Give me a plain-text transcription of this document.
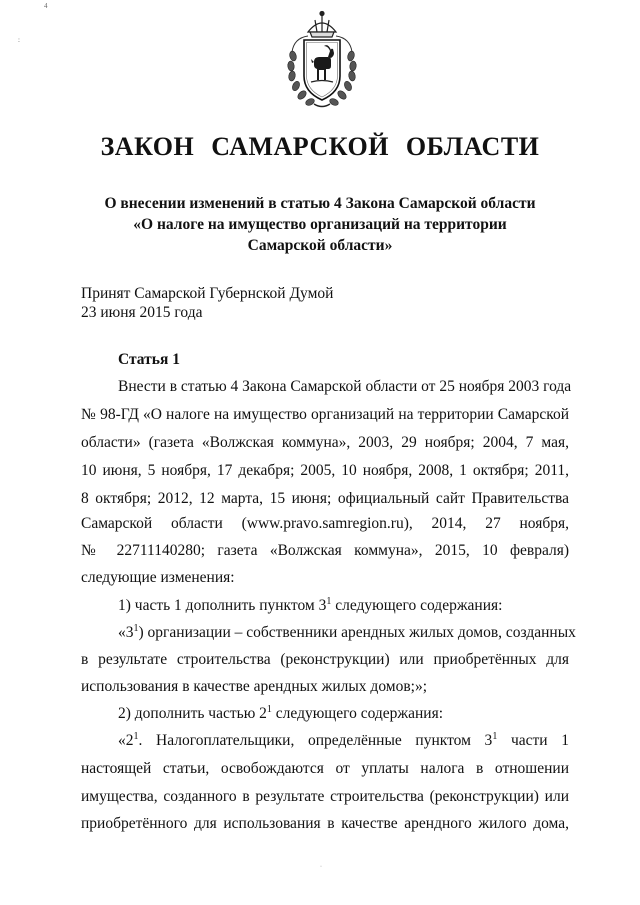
4
:
ЗАКОН САМАРСКОЙ ОБЛАСТИ
О внесении изменений в статью 4 Закона Самарской области
«О налоге на имущество организаций на территории
Самарской области»
Принят Самарской Губернской Думой
23 июня 2015 года
Статья 1
Внести в статью 4 Закона Самарской области от 25 ноября 2003 года
№ 98-ГД «О налоге на имущество организаций на территории Самарской
области» (газета «Волжская коммуна», 2003, 29 ноября; 2004, 7 мая,
10 июня, 5 ноября, 17 декабря; 2005, 10 ноября, 2008, 1 октября; 2011,
8 октября; 2012, 12 марта, 15 июня; официальный сайт Правительства
Самарской области (www.pravo.samregion.ru), 2014, 27 ноября,
№ 22711140280; газета «Волжская коммуна», 2015, 10 февраля)
следующие изменения:
1) часть 1 дополнить пунктом $3^1$ следующего содержания:
«$3^1$) организации – собственники арендных жилых домов, созданных
в результате строительства (реконструкции) или приобретённых для
использования в качестве арендных жилых домов;»;
2) дополнить частью $2^1$ следующего содержания:
«$2^1$. Налогоплательщики, определённые пунктом $3^1$ части 1
настоящей статьи, освобождаются от уплаты налога в отношении
имущества, созданного в результате строительства (реконструкции) или
приобретённого для использования в качестве арендного жилого дома,
·
